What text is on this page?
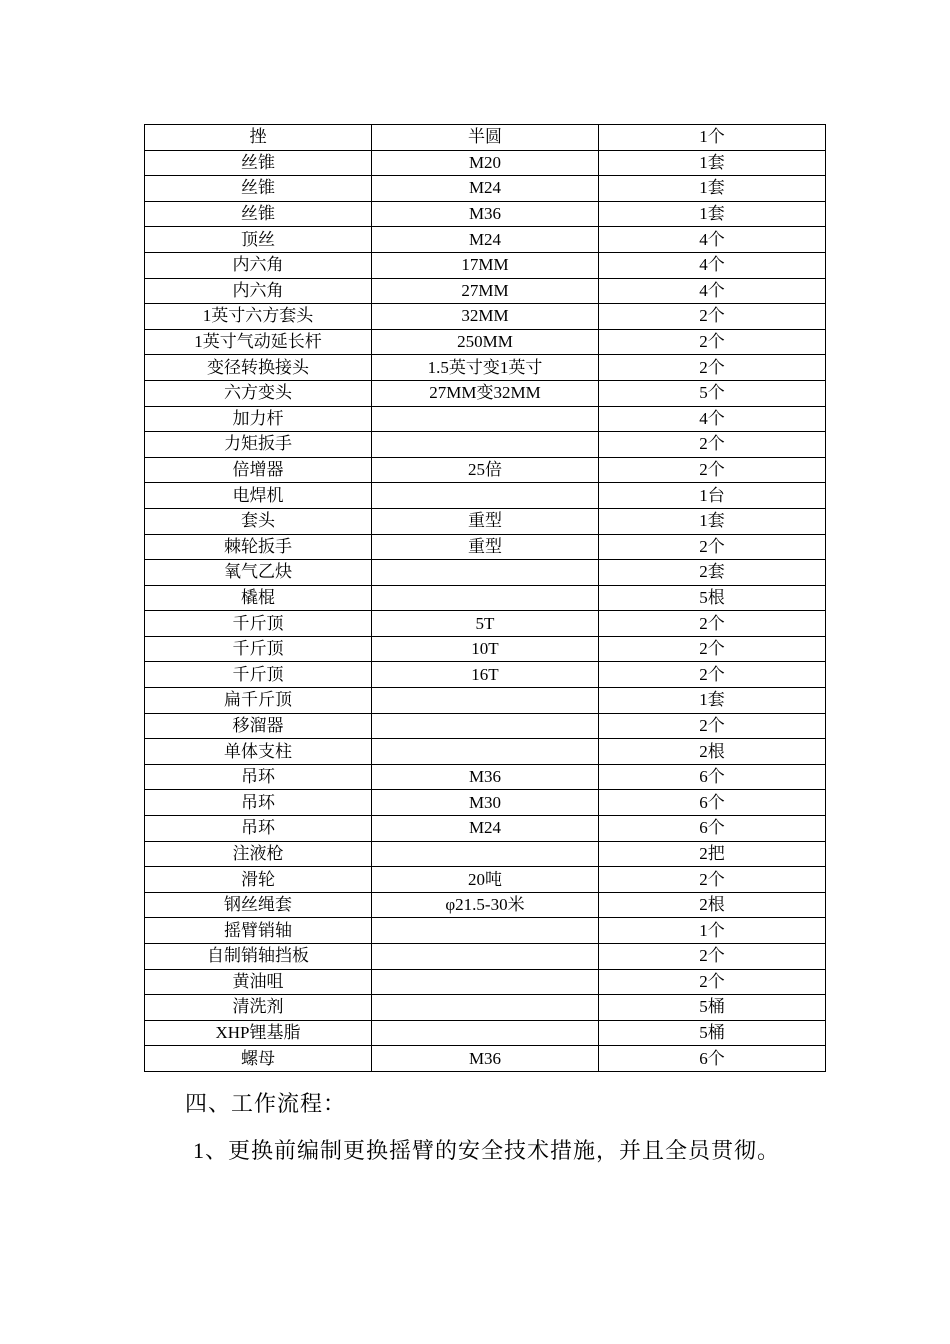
挫	半圆	1个
丝锥	M20	1套
丝锥	M24	1套
丝锥	M36	1套
顶丝	M24	4个
内六角	17MM	4个
内六角	27MM	4个
1英寸六方套头	32MM	2个
1英寸气动延长杆	250MM	2个
变径转换接头	1.5英寸变1英寸	2个
六方变头	27MM变32MM	5个
加力杆		4个
力矩扳手		2个
倍增器	25倍	2个
电焊机		1台
套头	重型	1套
棘轮扳手	重型	2个
氧气乙炔		2套
橇棍		5根
千斤顶	5T	2个
千斤顶	10T	2个
千斤顶	16T	2个
扁千斤顶		1套
移溜器		2个
单体支柱		2根
吊环	M36	6个
吊环	M30	6个
吊环	M24	6个
注液枪		2把
滑轮	20吨	2个
钢丝绳套	φ21.5-30米	2根
摇臂销轴		1个
自制销轴挡板		2个
黄油咀		2个
清洗剂		5桶
XHP锂基脂		5桶
螺母	M36	6个
四、工作流程：
1、更换前编制更换摇臂的安全技术措施，并且全员贯彻。
